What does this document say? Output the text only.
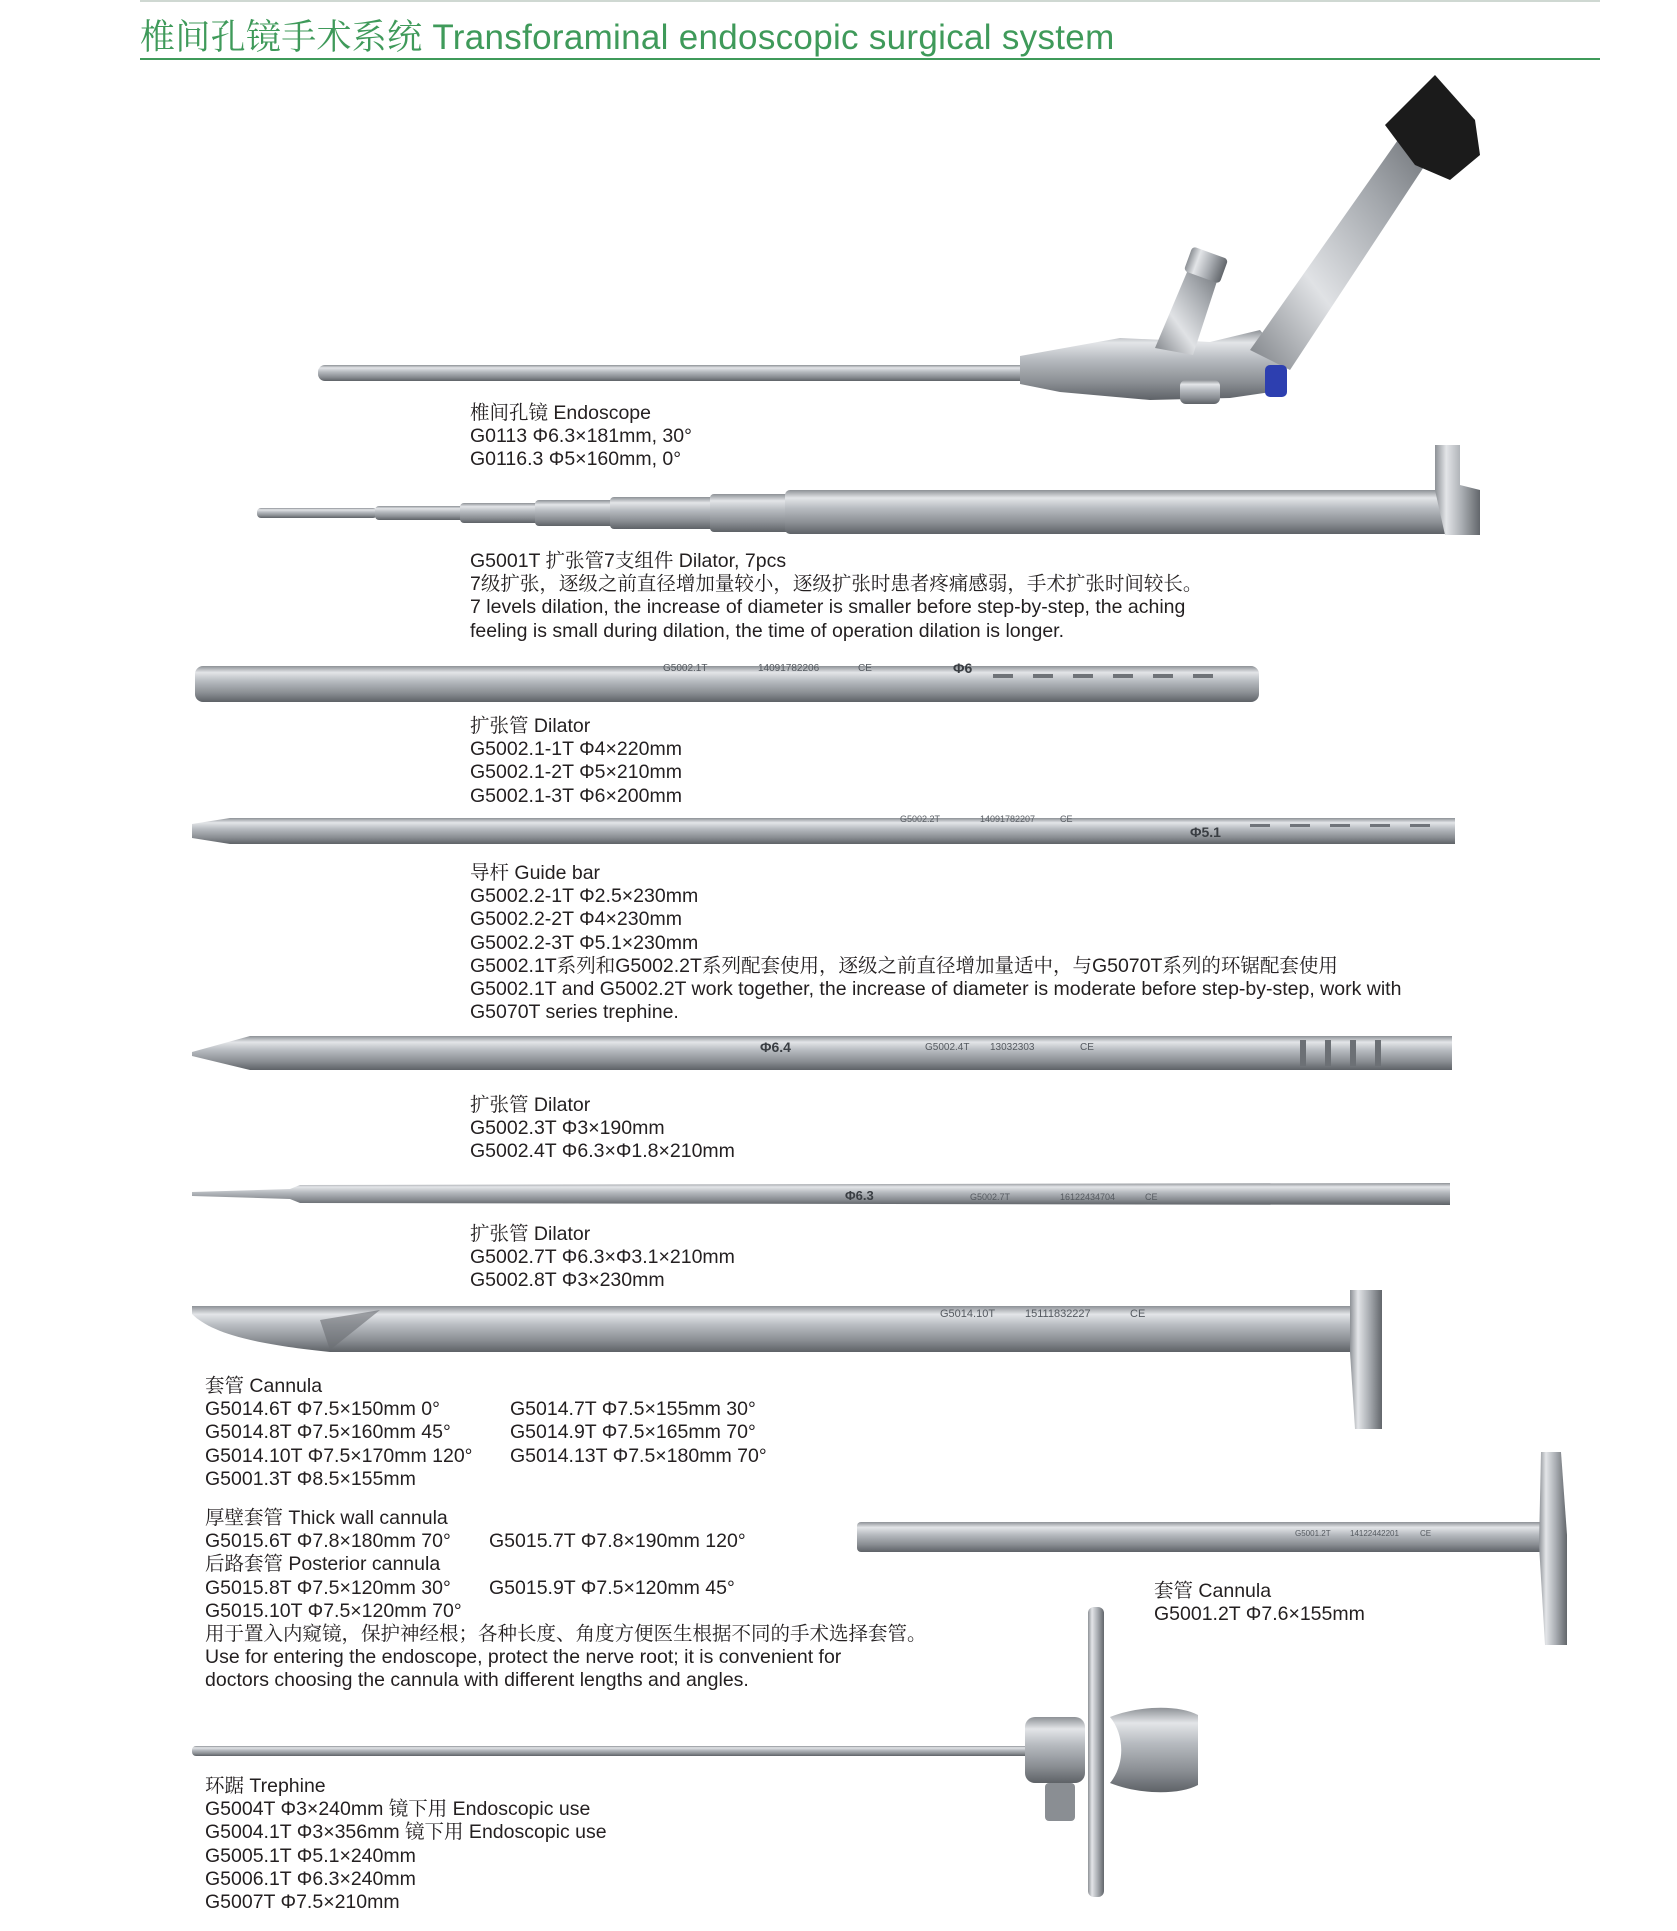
椎间孔镜手术系统 Transforaminal endoscopic surgical system
椎间孔镜 Endoscope
G0113 Φ6.3×181mm, 30°
G0116.3 Φ5×160mm, 0°
G5001T 扩张管7支组件 Dilator, 7pcs
7级扩张，逐级之前直径增加量较小，逐级扩张时患者疼痛感弱，手术扩张时间较长。
7 levels dilation, the increase of diameter is smaller before step-by-step, the aching
feeling is small during dilation, the time of operation dilation is longer.
G5002.1T	14091782206	CE	Φ6
扩张管 Dilator
G5002.1-1T Φ4×220mm
G5002.1-2T Φ5×210mm
G5002.1-3T Φ6×200mm
G5002.2T	14091782207	CE
Φ5.1
导杆 Guide bar
G5002.2-1T Φ2.5×230mm
G5002.2-2T Φ4×230mm
G5002.2-3T Φ5.1×230mm
G5002.1T系列和G5002.2T系列配套使用，逐级之前直径增加量适中，与G5070T系列的环锯配套使用
G5002.1T and G5002.2T work together, the increase of diameter is moderate before step-by-step, work with
G5070T series trephine.
Φ6.4	G5002.4T 13032303	CE
扩张管 Dilator
G5002.3T Φ3×190mm
G5002.4T Φ6.3×Φ1.8×210mm
Φ6.3	G5002.7T	16122434704	CE
扩张管 Dilator
G5002.7T Φ6.3×Φ3.1×210mm
G5002.8T Φ3×230mm
G5014.10T	15111832227	CE
套管 Cannula
G5014.6T Φ7.5×150mm 0°	G5014.7T Φ7.5×155mm 30°
G5014.8T Φ7.5×160mm 45°	G5014.9T Φ7.5×165mm 70°
G5014.10T Φ7.5×170mm 120°	G5014.13T Φ7.5×180mm 70°
G5001.3T Φ8.5×155mm
厚壁套管 Thick wall cannula
G5015.6T Φ7.8×180mm 70°	G5015.7T Φ7.8×190mm 120°
后路套管 Posterior cannula
G5015.8T Φ7.5×120mm 30°	G5015.9T Φ7.5×120mm 45°
G5015.10T Φ7.5×120mm 70°
用于置入内窥镜，保护神经根；各种长度、角度方便医生根据不同的手术选择套管。
Use for entering the endoscope, protect the nerve root; it is convenient for
doctors choosing the cannula with different lengths and angles.
G5001.2T 14122442201	CE
套管 Cannula
G5001.2T Φ7.6×155mm
环踞 Trephine
G5004T Φ3×240mm 镜下用 Endoscopic use
G5004.1T Φ3×356mm 镜下用 Endoscopic use
G5005.1T Φ5.1×240mm
G5006.1T Φ6.3×240mm
G5007T Φ7.5×210mm
